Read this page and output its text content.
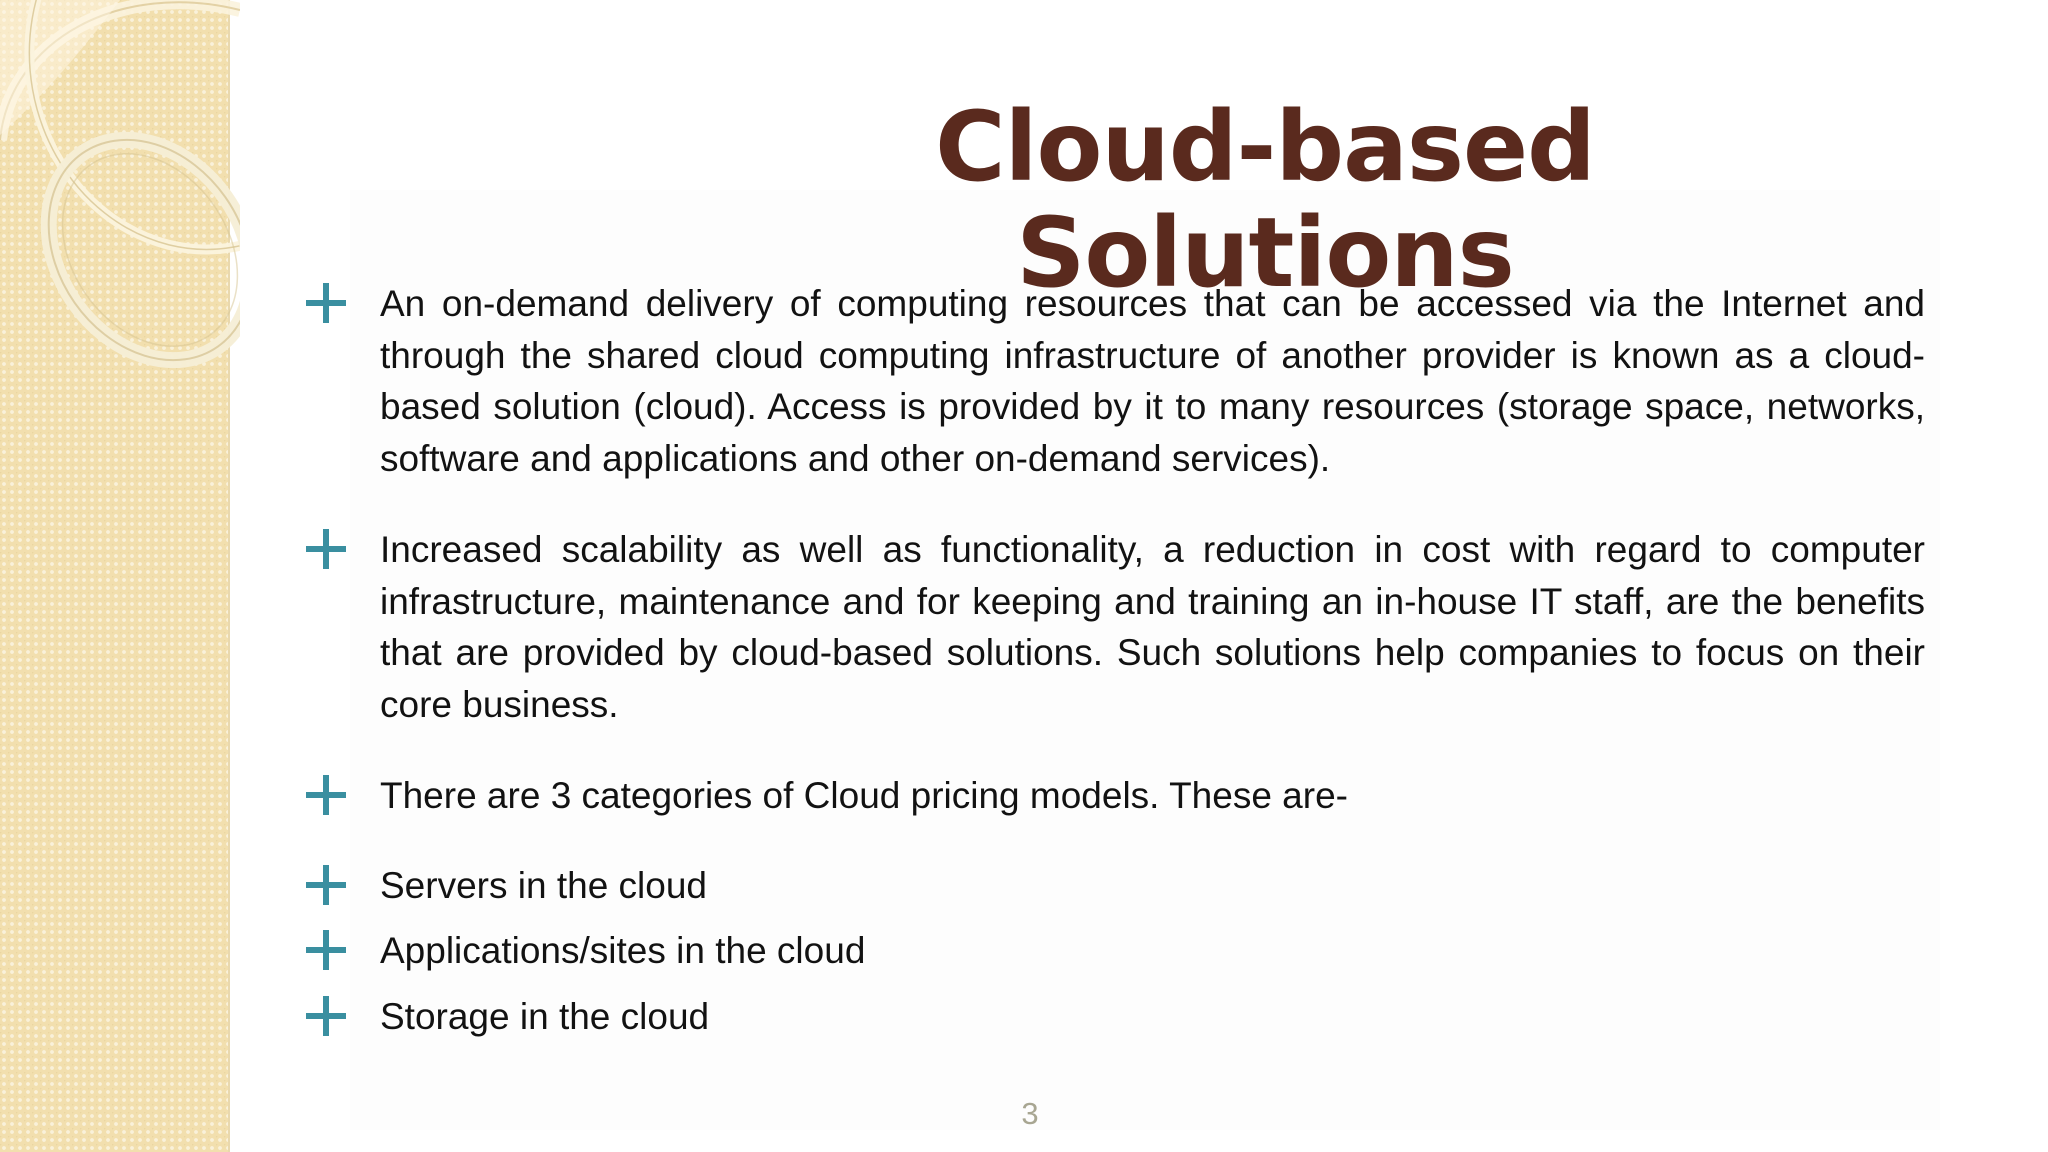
Cloud-based Solutions
An on-demand delivery of computing resources that can be accessed via the Internet and through the shared cloud computing infrastructure of another provider is known as a cloud-based solution (cloud). Access is provided by it to many resources (storage space, networks, software and applications and other on-demand services).
Increased scalability as well as functionality, a reduction in cost with regard to computer infrastructure, maintenance and for keeping and training an in-house IT staff, are the benefits that are provided by cloud-based solutions. Such solutions help companies to focus on their core business.
There are 3 categories of Cloud pricing models. These are-
Servers in the cloud
Applications/sites in the cloud
Storage in the cloud
3
